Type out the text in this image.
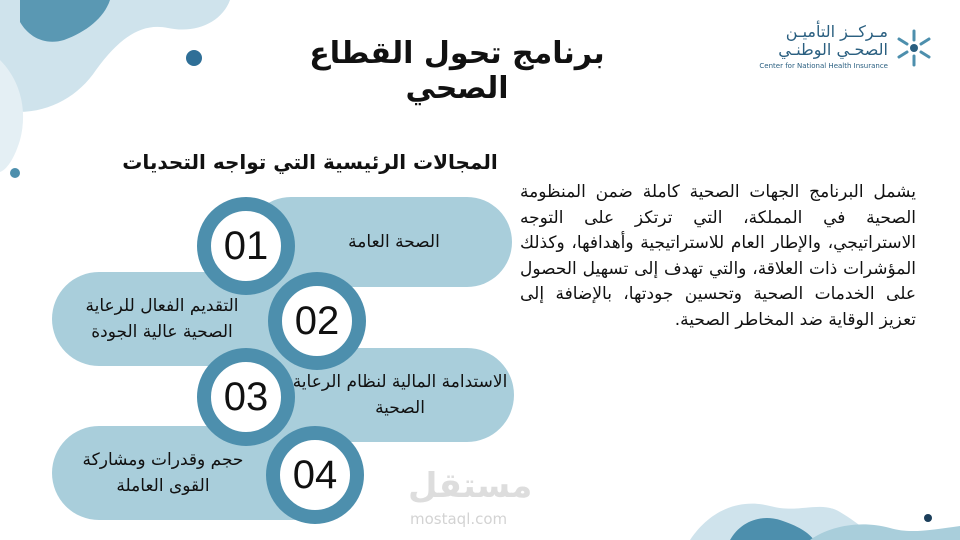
برنامج تحول القطاع الصحي
مـركــز التأميـن
الصحـي الوطنـي
Center for National Health Insurance
المجالات الرئيسية التي تواجه التحديات
يشمل البرنامج الجهات الصحية كاملة ضمن المنظومة الصحية في المملكة، التي ترتكز على التوجه الاستراتيجي، والإطار العام للاستراتيجية وأهدافها، وكذلك المؤشرات ذات العلاقة، والتي تهدف إلى تسهيل الحصول على الخدمات الصحية وتحسين جودتها، بالإضافة إلى تعزيز الوقاية ضد المخاطر الصحية.
الصحة العامة
التقديم الفعال للرعاية الصحية عالية الجودة
الاستدامة المالية لنظام الرعاية الصحية
حجم وقدرات ومشاركة القوى العاملة
01
02
03
04 مستقل
mostaql.com
